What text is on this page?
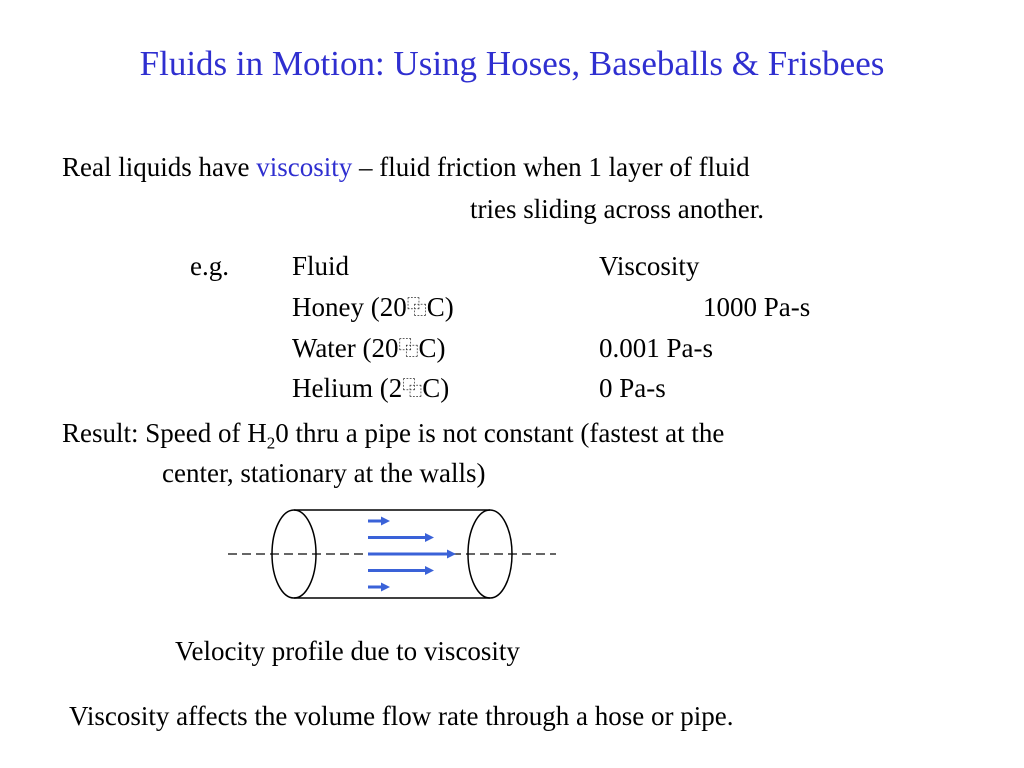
Fluids in Motion: Using Hoses, Baseballs & Frisbees
Real liquids have viscosity – fluid friction when 1 layer of fluid
tries sliding across another.
e.g. Fluid	Viscosity
Honey (20⿻C)	1000 Pa-s
Water (20⿻C)	0.001 Pa-s
Helium (2⿻C)	0 Pa-s
Result: Speed of $H_20$ thru a pipe is not constant (fastest at the
center, stationary at the walls)
Velocity profile due to viscosity
Viscosity affects the volume flow rate through a hose or pipe.
